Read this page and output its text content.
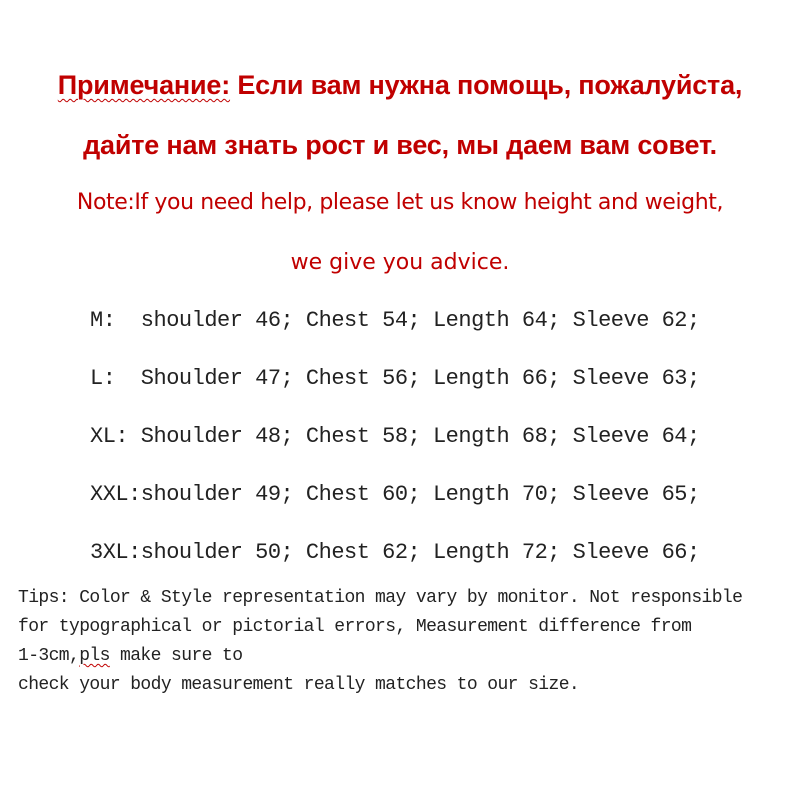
Примечание: Если вам нужна помощь, пожалуйста,
дайте нам знать рост и вес, мы даем вам совет.
Note:If you need help, please let us know height and weight,
we give you advice.
M:  shoulder 46; Chest 54; Length 64; Sleeve 62;
L:  Shoulder 47; Chest 56; Length 66; Sleeve 63;
XL: Shoulder 48; Chest 58; Length 68; Sleeve 64;
XXL:shoulder 49; Chest 60; Length 70; Sleeve 65;
3XL:shoulder 50; Chest 62; Length 72; Sleeve 66;
Tips: Color & Style representation may vary by monitor. Not responsible
for typographical or pictorial errors, Measurement difference from
1-3cm,pls make sure to
check your body measurement really matches to our size.
